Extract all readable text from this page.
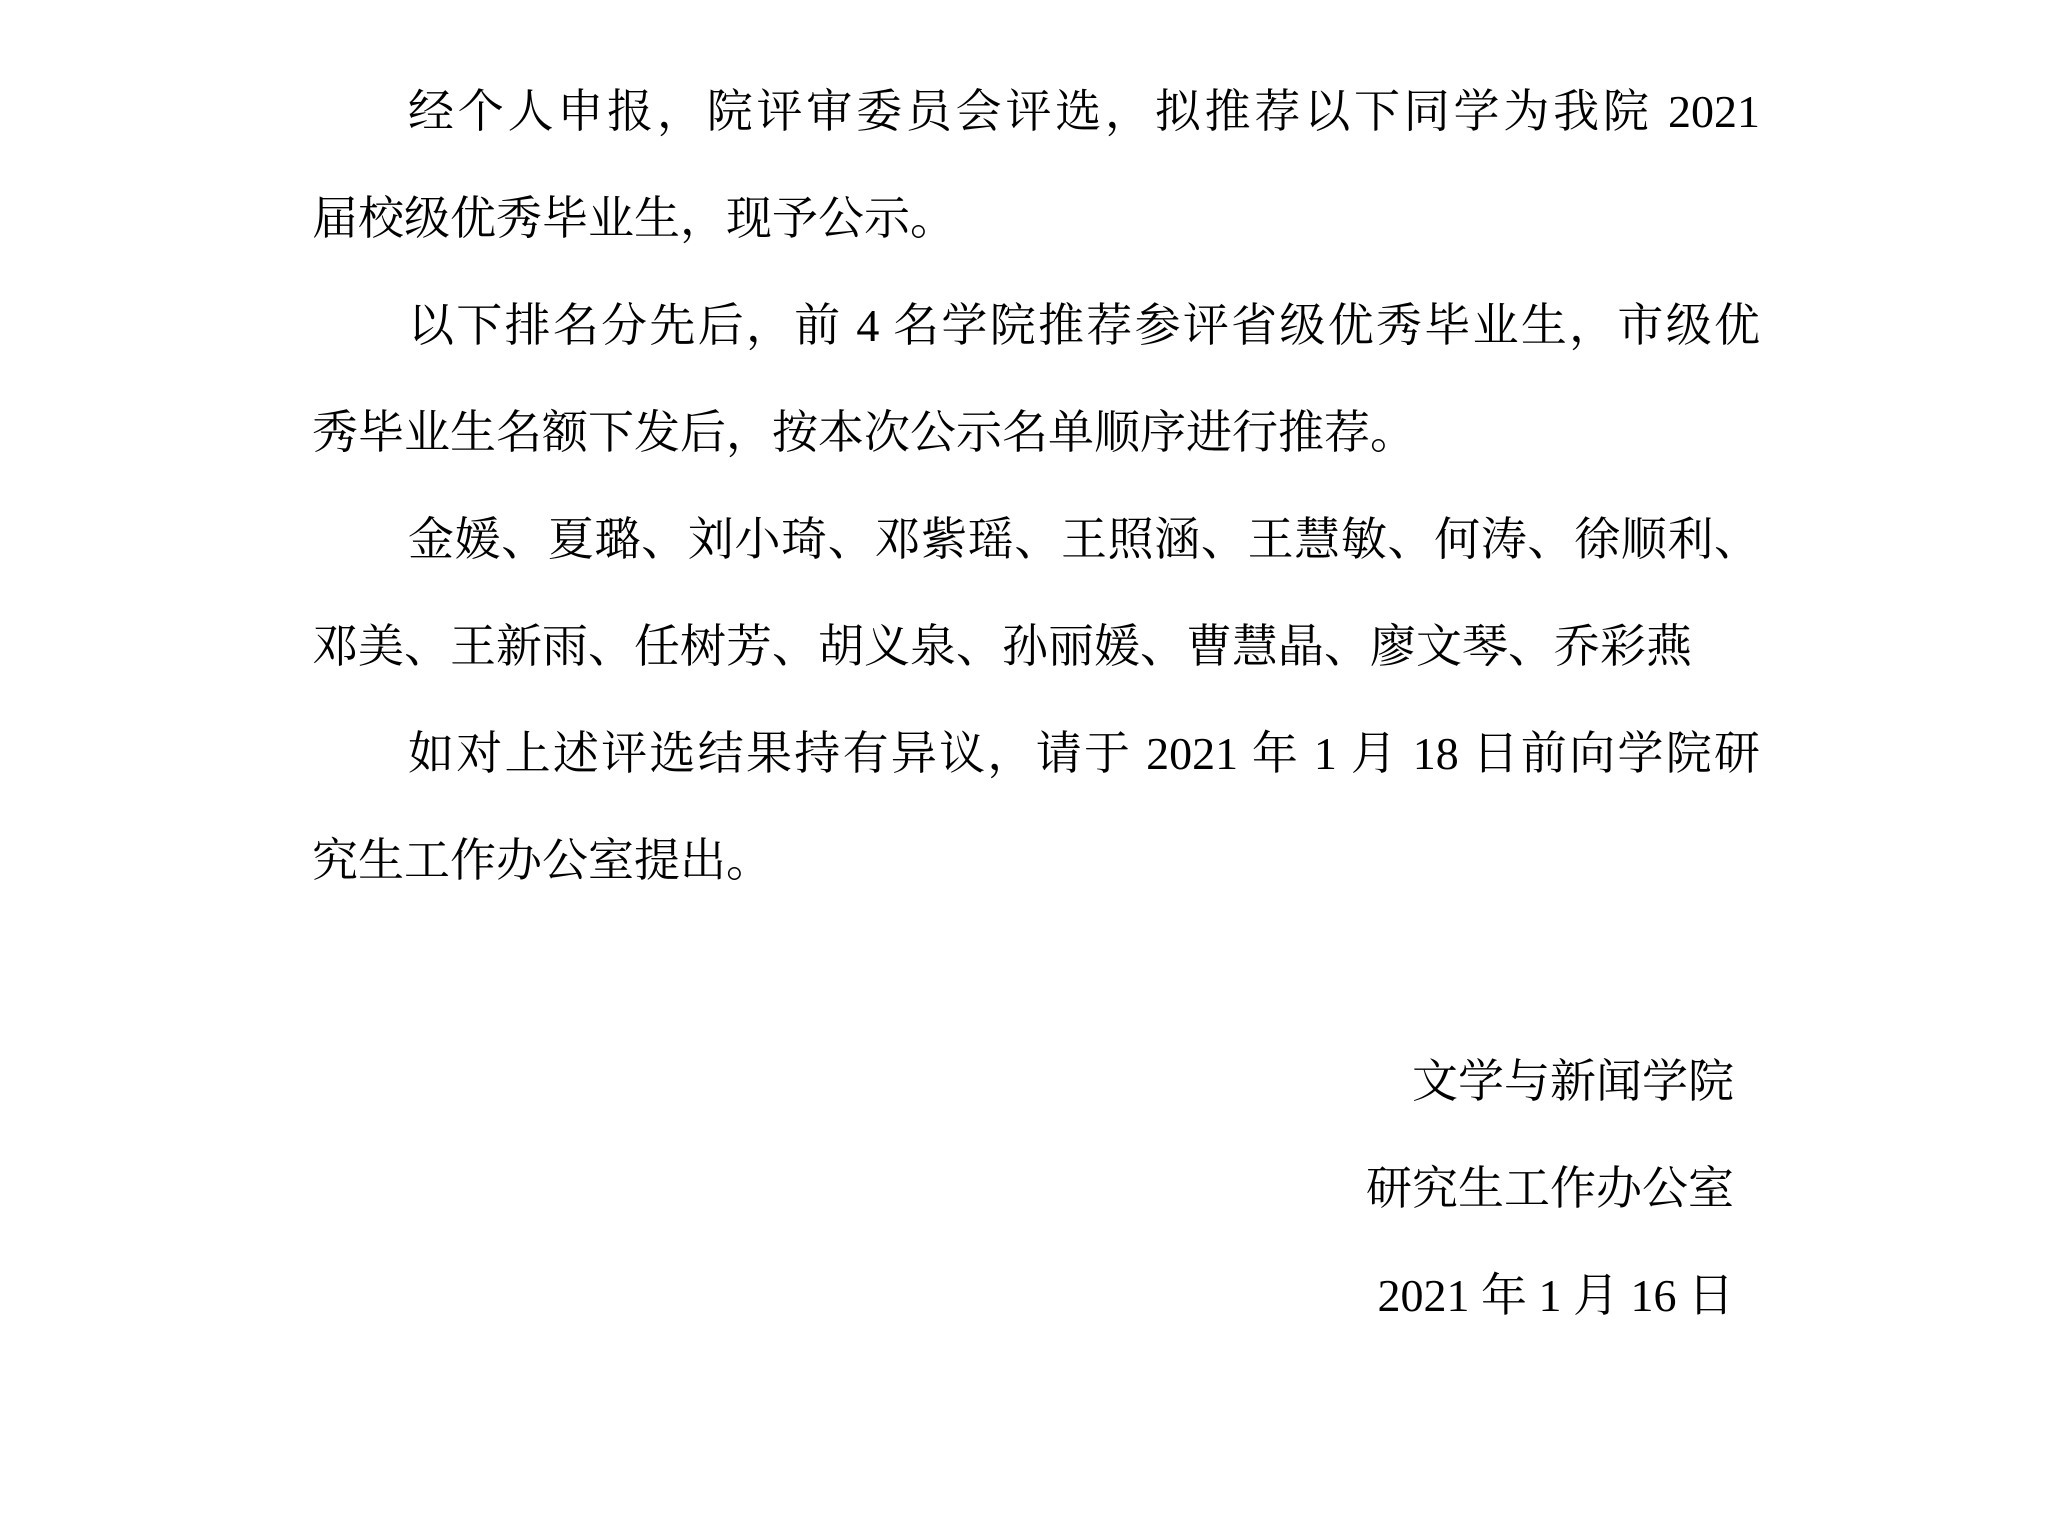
经个人申报，院评审委员会评选，拟推荐以下同学为我院 2021
届校级优秀毕业生，现予公示。
以下排名分先后，前 4 名学院推荐参评省级优秀毕业生，市级优
秀毕业生名额下发后，按本次公示名单顺序进行推荐。
金媛、夏璐、刘小琦、邓紫瑶、王照涵、王慧敏、何涛、徐顺利、
邓美、王新雨、任树芳、胡义泉、孙丽媛、曹慧晶、廖文琴、乔彩燕
如对上述评选结果持有异议，请于 2021 年 1 月 18 日前向学院研
究生工作办公室提出。
文学与新闻学院
研究生工作办公室
2021 年 1 月 16 日
